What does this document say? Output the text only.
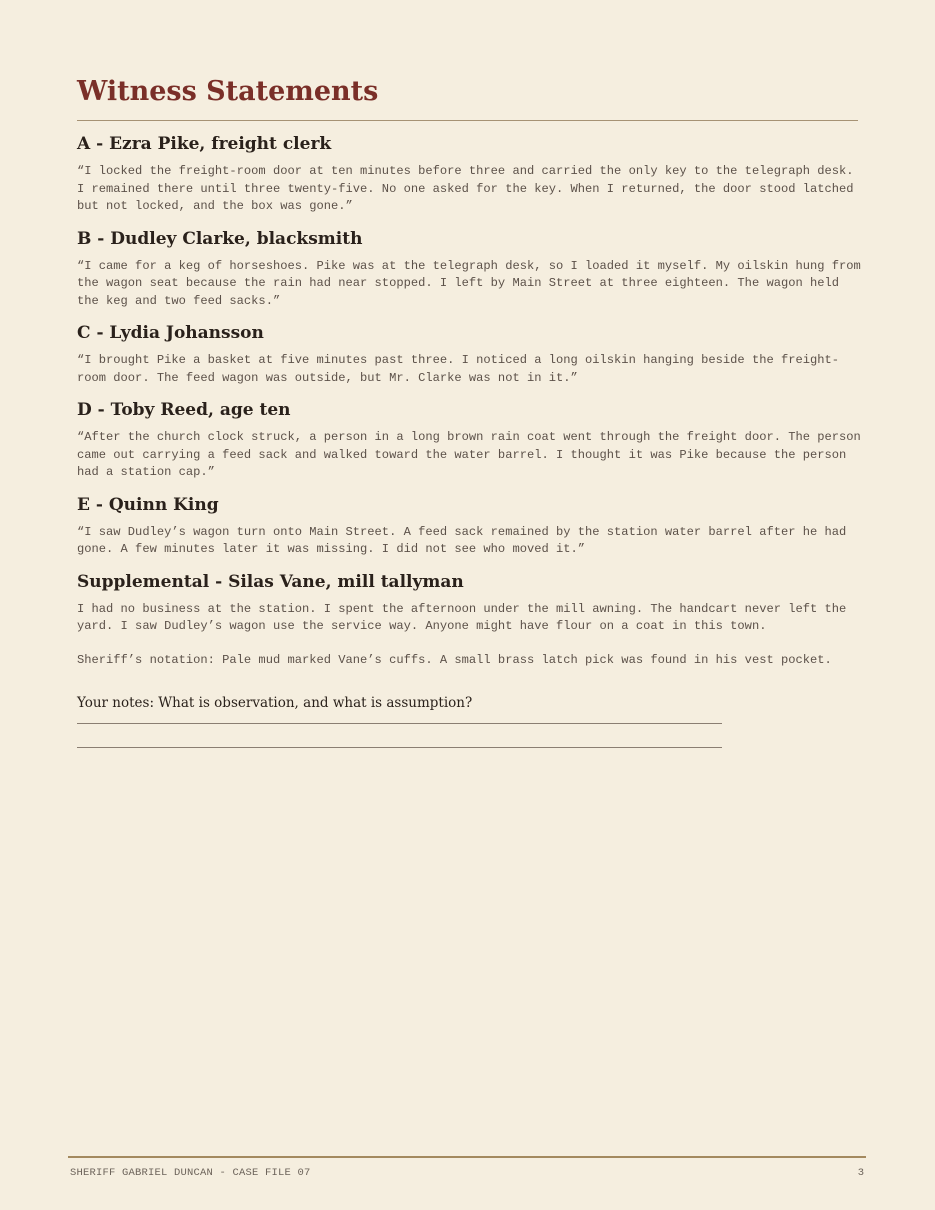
Witness Statements
A - Ezra Pike, freight clerk

“I locked the freight-room door at ten minutes before three and carried the only key to the telegraph desk. I remained there until three twenty-five. No one asked for the key. When I returned, the door stood latched but not locked, and the box was gone.”

B - Dudley Clarke, blacksmith

“I came for a keg of horseshoes. Pike was at the telegraph desk, so I loaded it myself. My oilskin hung from the wagon seat because the rain had near stopped. I left by Main Street at three eighteen. The wagon held the keg and two feed sacks.”

C - Lydia Johansson

“I brought Pike a basket at five minutes past three. I noticed a long oilskin hanging beside the freight-room door. The feed wagon was outside, but Mr. Clarke was not in it.”

D - Toby Reed, age ten

“After the church clock struck, a person in a long brown rain coat went through the freight door. The person came out carrying a feed sack and walked toward the water barrel. I thought it was Pike because the person had a station cap.”

E - Quinn King

“I saw Dudley’s wagon turn onto Main Street. A feed sack remained by the station water barrel after he had gone. A few minutes later it was missing. I did not see who moved it.”

Supplemental - Silas Vane, mill tallyman

I had no business at the station. I spent the afternoon under the mill awning. The handcart never left the yard. I saw Dudley’s wagon use the service way. Anyone might have flour on a coat in this town.

Sheriff’s notation: Pale mud marked Vane’s cuffs. A small brass latch pick was found in his vest pocket.

Your notes: What is observation, and what is assumption?

SHERIFF GABRIEL DUNCAN - CASE FILE 07	3
